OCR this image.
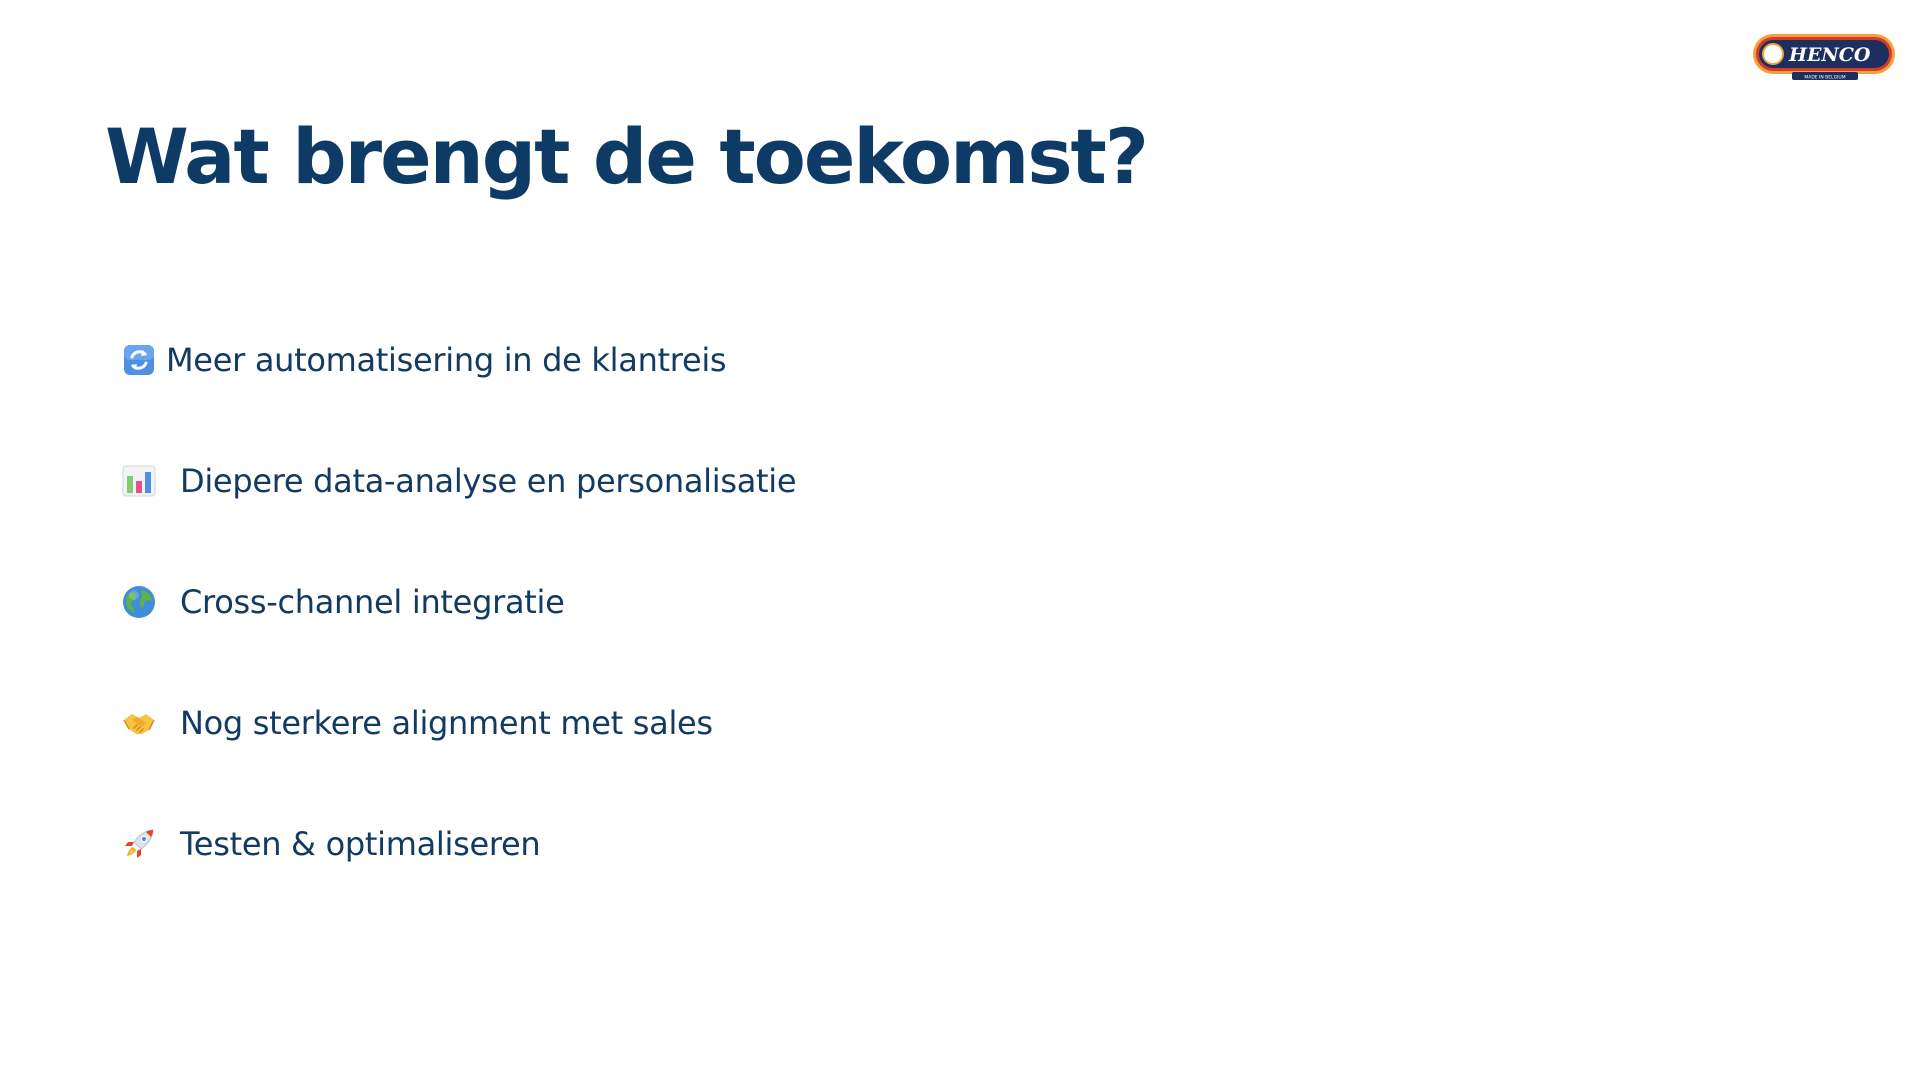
HENCO
MADE IN BELGIUM
Wat brengt de toekomst?
Meer automatisering in de klantreis
Diepere data-analyse en personalisatie
Cross-channel integratie
Nog sterkere alignment met sales
Testen & optimaliseren
